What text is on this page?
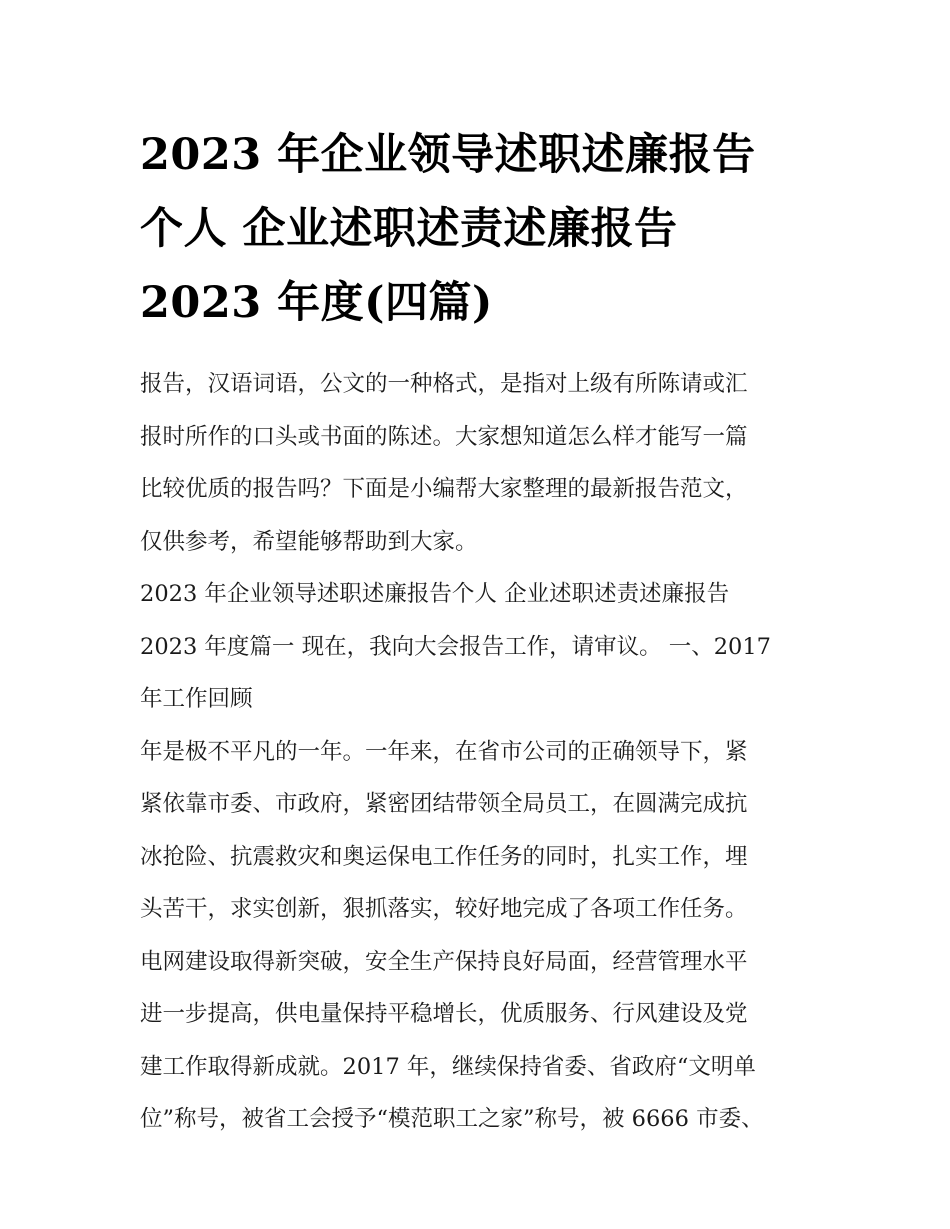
2023 年企业领导述职述廉报告
个人 企业述职述责述廉报告
2023 年度(四篇)
报告，汉语词语，公文的一种格式，是指对上级有所陈请或汇
报时所作的口头或书面的陈述。大家想知道怎么样才能写一篇
比较优质的报告吗？下面是小编帮大家整理的最新报告范文，
仅供参考，希望能够帮助到大家。
2023 年企业领导述职述廉报告个人 企业述职述责述廉报告
2023 年度篇一 现在，我向大会报告工作，请审议。 一、2017
年工作回顾
年是极不平凡的一年。一年来，在省市公司的正确领导下，紧
紧依靠市委、市政府，紧密团结带领全局员工，在圆满完成抗
冰抢险、抗震救灾和奥运保电工作任务的同时，扎实工作，埋
头苦干，求实创新，狠抓落实，较好地完成了各项工作任务。
电网建设取得新突破，安全生产保持良好局面，经营管理水平
进一步提高，供电量保持平稳增长，优质服务、行风建设及党
建工作取得新成就。2017 年，继续保持省委、省政府“文明单
位”称号，被省工会授予“模范职工之家”称号，被 6666 市委、
